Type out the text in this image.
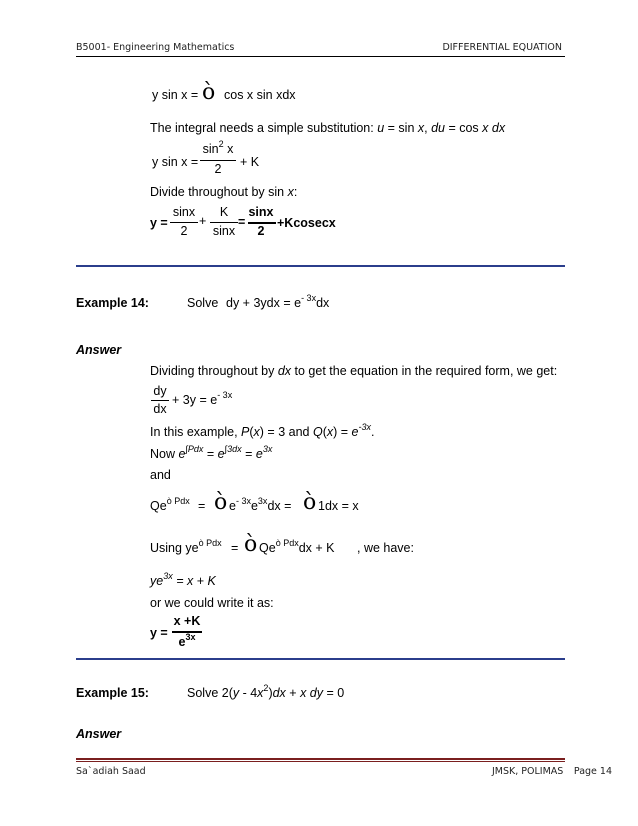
B5001- Engineering Mathematics	DIFFERENTIAL EQUATION
y sin x = ò cos x sin xdx
The integral needs a simple substitution: u = sin x, du = cos x dx
y sin x =
$\sin^2 x$
2	+ K
Divide throughout by sin x:
y =
sinx
2
+
K
sinx
=
sinx
2
+Kcosecx
Example 14:	Solve dy + $3ydx = e^{- 3x}dx$
Answer
Dividing throughout by dx to get the equation in the required form, we get:
dy
dx
+ $3y = e^{- 3x}$
In this example, P(x) = 3 and $Q(x) = e^{-3x}$.
Now $e^{\int Pdx} = e^{\int 3dx} = e^{3x}$
and
$Qe^{ò Pdx}$ = ò $e^{- 3x}e^{3x}dx$ = ò 1dx = x
Using $ye^{ò Pdx}$ = ò $Qe^{ò Pdx}dx + K$ , we have:
$ye^{3x} = x + K$
or we could write it as:
y =
x +K
$e^{3x}$
Example 15:	Solve $2(y - 4x^2)dx + x$ dy = 0
Answer
Sa`adiah Saad	JMSK, POLIMAS Page 14
